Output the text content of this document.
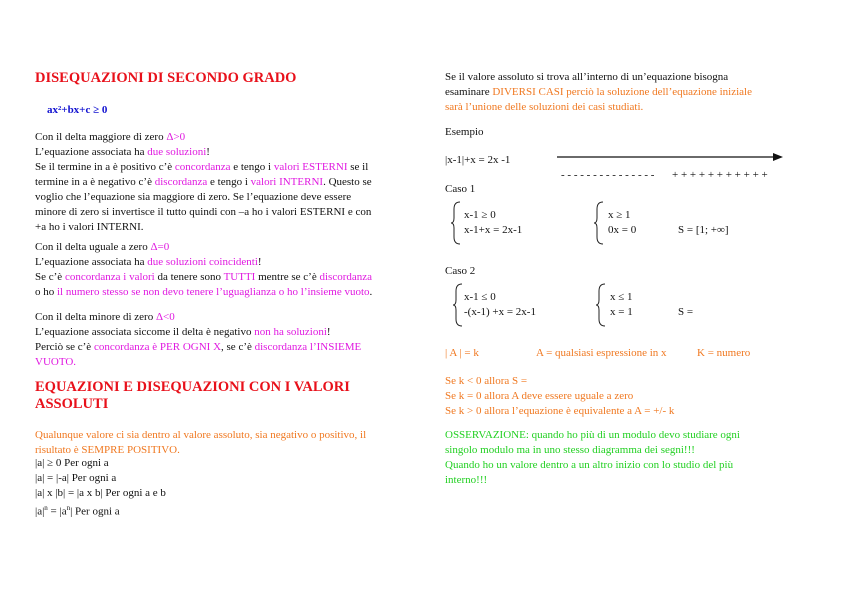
DISEQUAZIONI DI SECONDO GRADO
ax²+bx+c ≥ 0

Con il delta maggiore di zero Δ>0

L’equazione associata ha due soluzioni!

Se il termine in a è positivo c’è concordanza e tengo i valori ESTERNI se il

termine in a è negativo c’è discordanza e tengo i valori INTERNI. Questo se

voglio che l’equazione sia maggiore di zero. Se l’equazione deve essere

minore di zero si invertisce il tutto quindi con –a ho i valori ESTERNI e con

+a ho i valori INTERNI.

Con il delta uguale a zero Δ=0

L’equazione associata ha due soluzioni coincidenti!

Se c’è concordanza i valori da tenere sono TUTTI mentre se c’è discordanza

o ho il numero stesso se non devo tenere l’uguaglianza o ho l’insieme vuoto.

Con il delta minore di zero Δ<0

L’equazione associata siccome il delta è negativo non ha soluzioni!

Perciò se c’è concordanza è PER OGNI X, se c’è discordanza l’INSIEME

VUOTO.

EQUAZIONI E DISEQUAZIONI CON I VALORI

ASSOLUTI

Qualunque valore ci sia dentro al valore assoluto, sia negativo o positivo, il

risultato è SEMPRE POSITIVO.

|a| ≥ 0 Per ogni a

|a| = |-a| Per ogni a

|a| x |b| = |a x b| Per ogni a e b

$|a|^n = |a^n|$ Per ogni a

Se il valore assoluto si trova all’interno di un’equazione bisogna

esaminare DIVERSI CASI perciò la soluzione dell’equazione iniziale

sarà l’unione delle soluzioni dei casi studiati.

Esempio
|x-1|+x = 2x -1
- - - - - - - - - - - - - - - + + + + + + + + + + +
Caso 1

x-1 ≥ 0

x-1+x = 2x-1

x ≥ 1

0x = 0	S = [1; +∞]
Caso 2

x-1 ≤ 0

-(x-1) +x = 2x-1

x ≤ 1

x = 1	S =
| A | = k	A = qualsiasi espressione in x	K = numero

Se k < 0 allora S =

Se k = 0 allora A deve essere uguale a zero

Se k > 0 allora l’equazione è equivalente a A = +/- k

OSSERVAZIONE: quando ho più di un modulo devo studiare ogni

singolo modulo ma in uno stesso diagramma dei segni!!!

Quando ho un valore dentro a un altro inizio con lo studio del più

interno!!!
